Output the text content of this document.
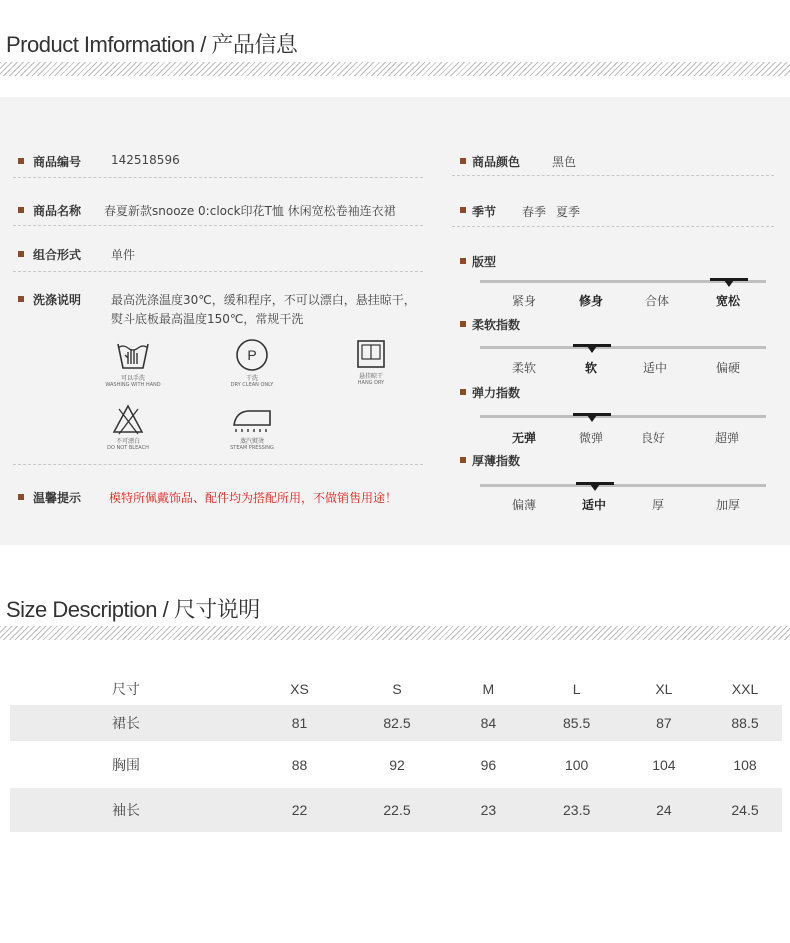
Product Imformation / 产品信息
商品编号 142518596
商品名称 春夏新款snooze 0:clock印花T恤 休闲宽松卷袖连衣裙
组合形式 单件
洗涤说明 最高洗涤温度30℃，缓和程序，不可以漂白，悬挂晾干，
熨斗底板最高温度150℃，常规干洗
可以手洗
WASHING WITH HAND
P
干洗
DRY CLEAN ONLY
悬挂晾干
HANG DRY
不可漂白
DO NOT BLEACH
蒸汽熨烫
STEAM PRESSING
温馨提示 模特所佩戴饰品、配件均为搭配所用，不做销售用途！
商品颜色	黑色
季节 春季 夏季
版型
紧身	修身	合体	宽松
柔软指数
柔软	软	适中	偏硬
弹力指数
无弹	微弹	良好	超弹
厚薄指数
偏薄	适中	厚	加厚
Size Description / 尺寸说明
尺寸	XS	S	M	L	XL	XXL
裙长	81	82.5	84	85.5	87	88.5
胸围	88	92	96	100	104	108
袖长	22	22.5	23	23.5	24	24.5
